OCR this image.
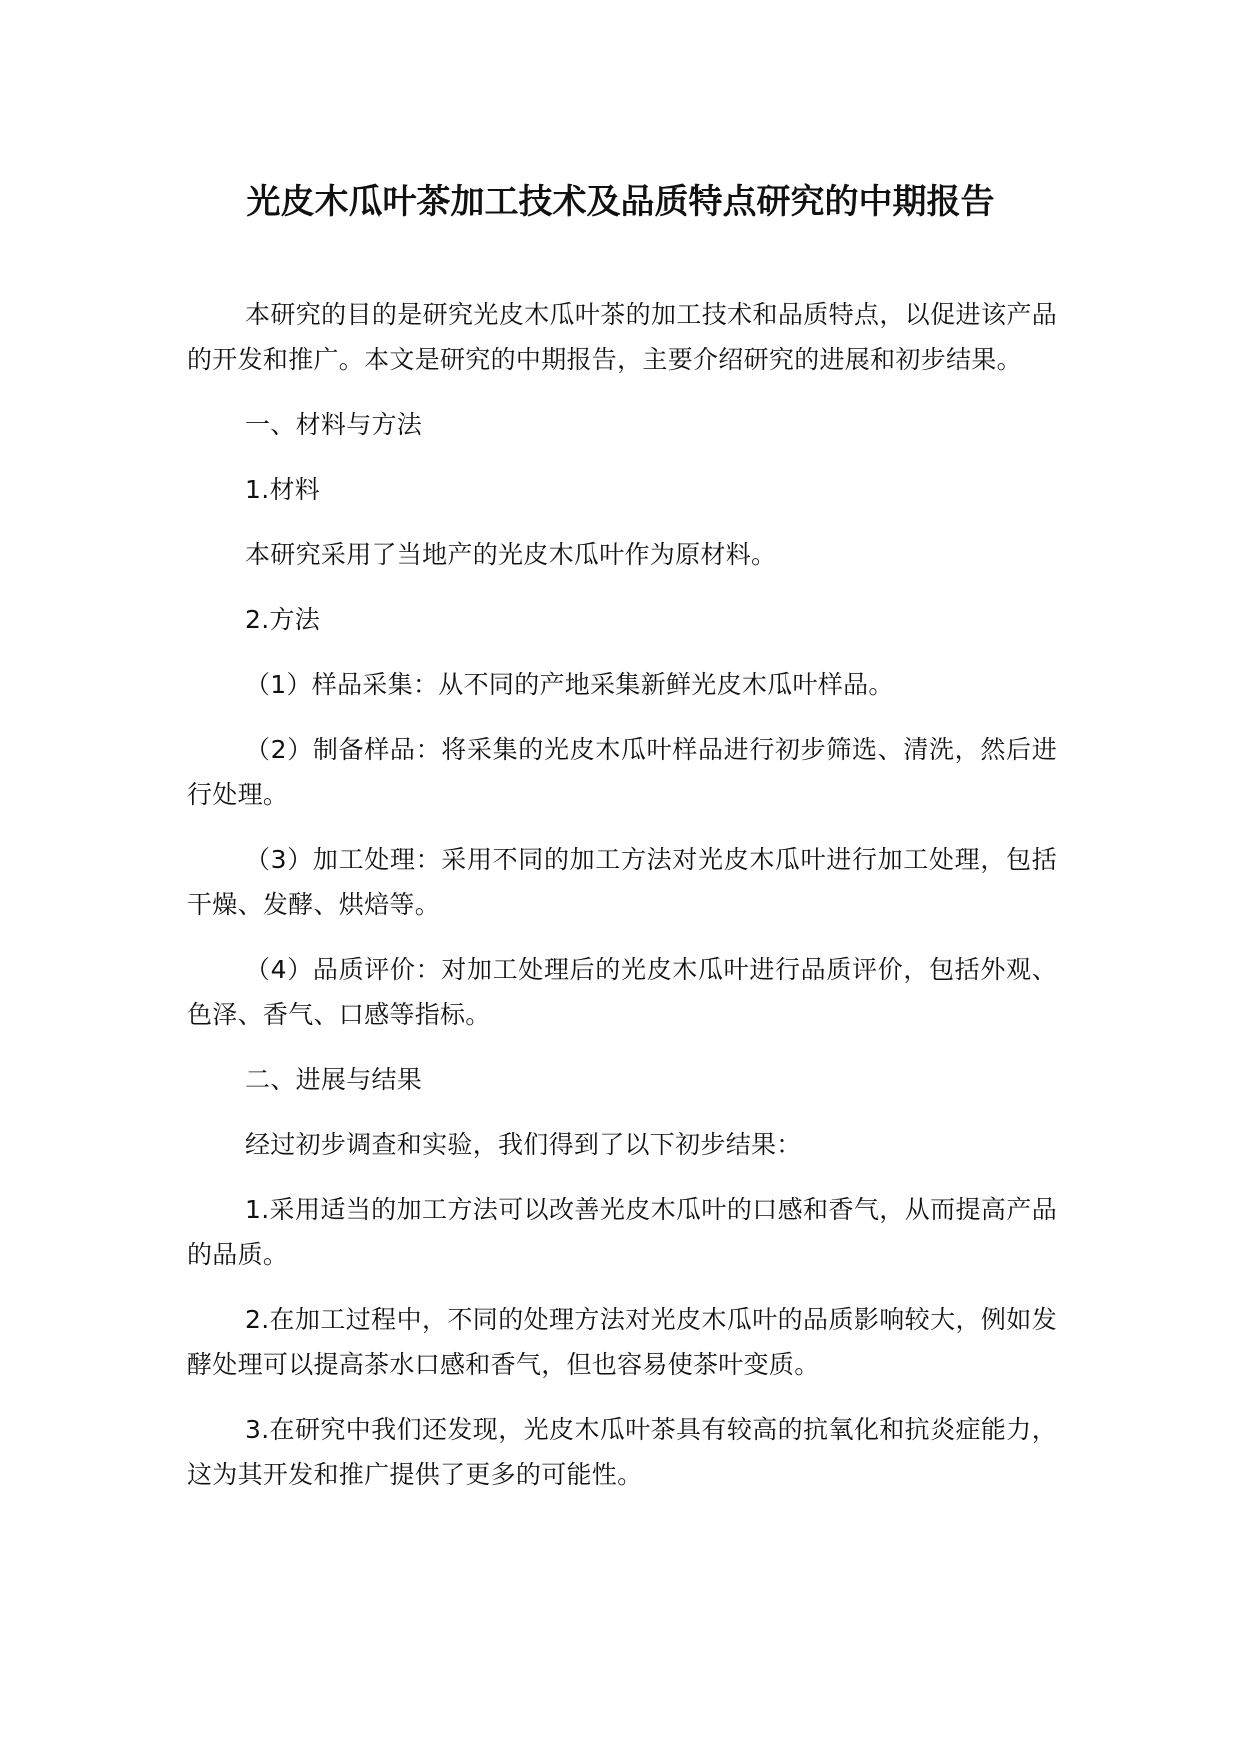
光皮木瓜叶茶加工技术及品质特点研究的中期报告

本研究的目的是研究光皮木瓜叶茶的加工技术和品质特点，以促进该产品的开发和推广。本文是研究的中期报告，主要介绍研究的进展和初步结果。

一、材料与方法

1.材料

本研究采用了当地产的光皮木瓜叶作为原材料。

2.方法

（1）样品采集：从不同的产地采集新鲜光皮木瓜叶样品。

（2）制备样品：将采集的光皮木瓜叶样品进行初步筛选、清洗，然后进行处理。

（3）加工处理：采用不同的加工方法对光皮木瓜叶进行加工处理，包括干燥、发酵、烘焙等。

（4）品质评价：对加工处理后的光皮木瓜叶进行品质评价，包括外观、色泽、香气、口感等指标。

二、进展与结果

经过初步调查和实验，我们得到了以下初步结果：

1.采用适当的加工方法可以改善光皮木瓜叶的口感和香气，从而提高产品的品质。

2.在加工过程中，不同的处理方法对光皮木瓜叶的品质影响较大，例如发酵处理可以提高茶水口感和香气，但也容易使茶叶变质。

3.在研究中我们还发现，光皮木瓜叶茶具有较高的抗氧化和抗炎症能力，这为其开发和推广提供了更多的可能性。
